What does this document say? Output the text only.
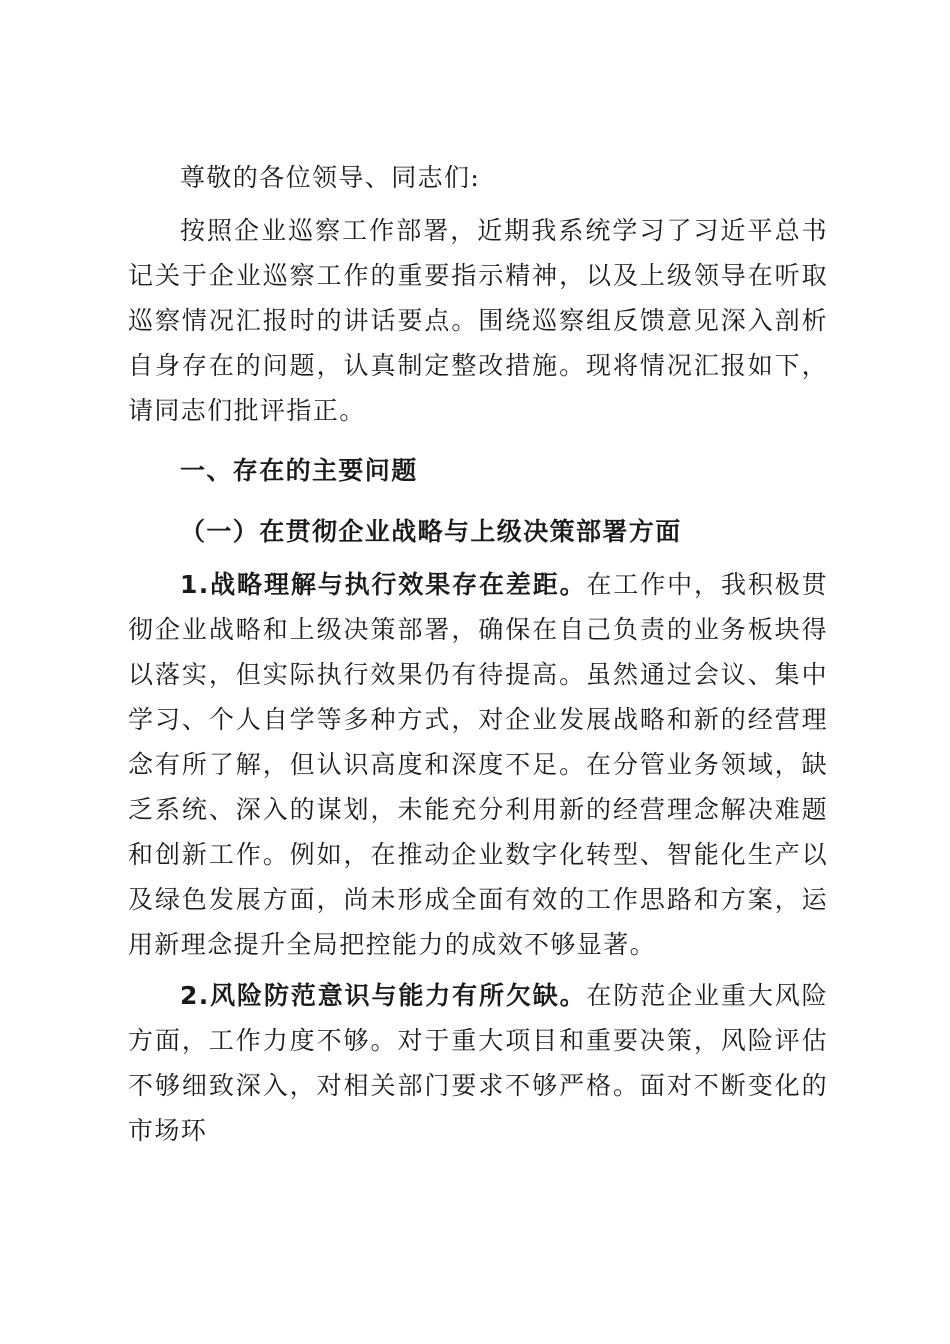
尊敬的各位领导、同志们:

按照企业巡察工作部署，近期我系统学习了习近平总书记关于企业巡察工作的重要指示精神，以及上级领导在听取巡察情况汇报时的讲话要点。围绕巡察组反馈意见深入剖析自身存在的问题，认真制定整改措施。现将情况汇报如下，请同志们批评指正。

一、存在的主要问题

（一）在贯彻企业战略与上级决策部署方面

1.战略理解与执行效果存在差距。在工作中，我积极贯彻企业战略和上级决策部署，确保在自己负责的业务板块得以落实，但实际执行效果仍有待提高。虽然通过会议、集中学习、个人自学等多种方式，对企业发展战略和新的经营理念有所了解，但认识高度和深度不足。在分管业务领域，缺乏系统、深入的谋划，未能充分利用新的经营理念解决难题和创新工作。例如，在推动企业数字化转型、智能化生产以及绿色发展方面，尚未形成全面有效的工作思路和方案，运用新理念提升全局把控能力的成效不够显著。

2.风险防范意识与能力有所欠缺。在防范企业重大风险方面，工作力度不够。对于重大项目和重要决策，风险评估不够细致深入，对相关部门要求不够严格。面对不断变化的市场环
